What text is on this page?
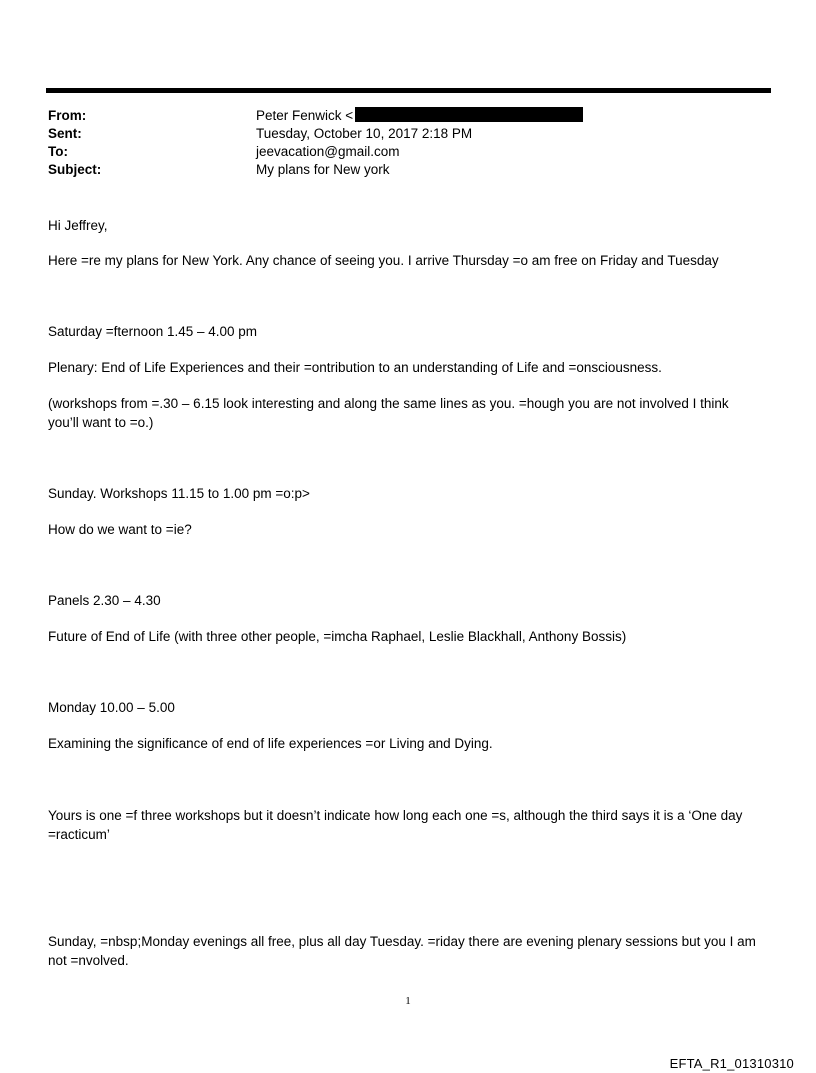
From:	Peter Fenwick <
Sent:	Tuesday, October 10, 2017 2:18 PM
To:	jeevacation@gmail.com
Subject:	My plans for New york
Hi Jeffrey,
Here =re my plans for New York. Any chance of seeing you. I arrive Thursday =o am free on Friday and Tuesday
Saturday =fternoon 1.45 – 4.00 pm
Plenary: End of Life Experiences and their =ontribution to an understanding of Life and =onsciousness.
(workshops from =.30 – 6.15 look interesting and along the same lines as you. =hough you are not involved I think you’ll want to =o.)
Sunday. Workshops 11.15 to 1.00 pm =o:p>
How do we want to =ie?
Panels 2.30 – 4.30
Future of End of Life (with three other people, =imcha Raphael, Leslie Blackhall, Anthony Bossis)
Monday 10.00 – 5.00
Examining the significance of end of life experiences =or Living and Dying.
Yours is one =f three workshops but it doesn’t indicate how long each one =s, although the third says it is a ‘One day =racticum’
Sunday, =nbsp;Monday evenings all free, plus all day Tuesday. =riday there are evening plenary sessions but you I am not =nvolved.
1
EFTA_R1_01310310
